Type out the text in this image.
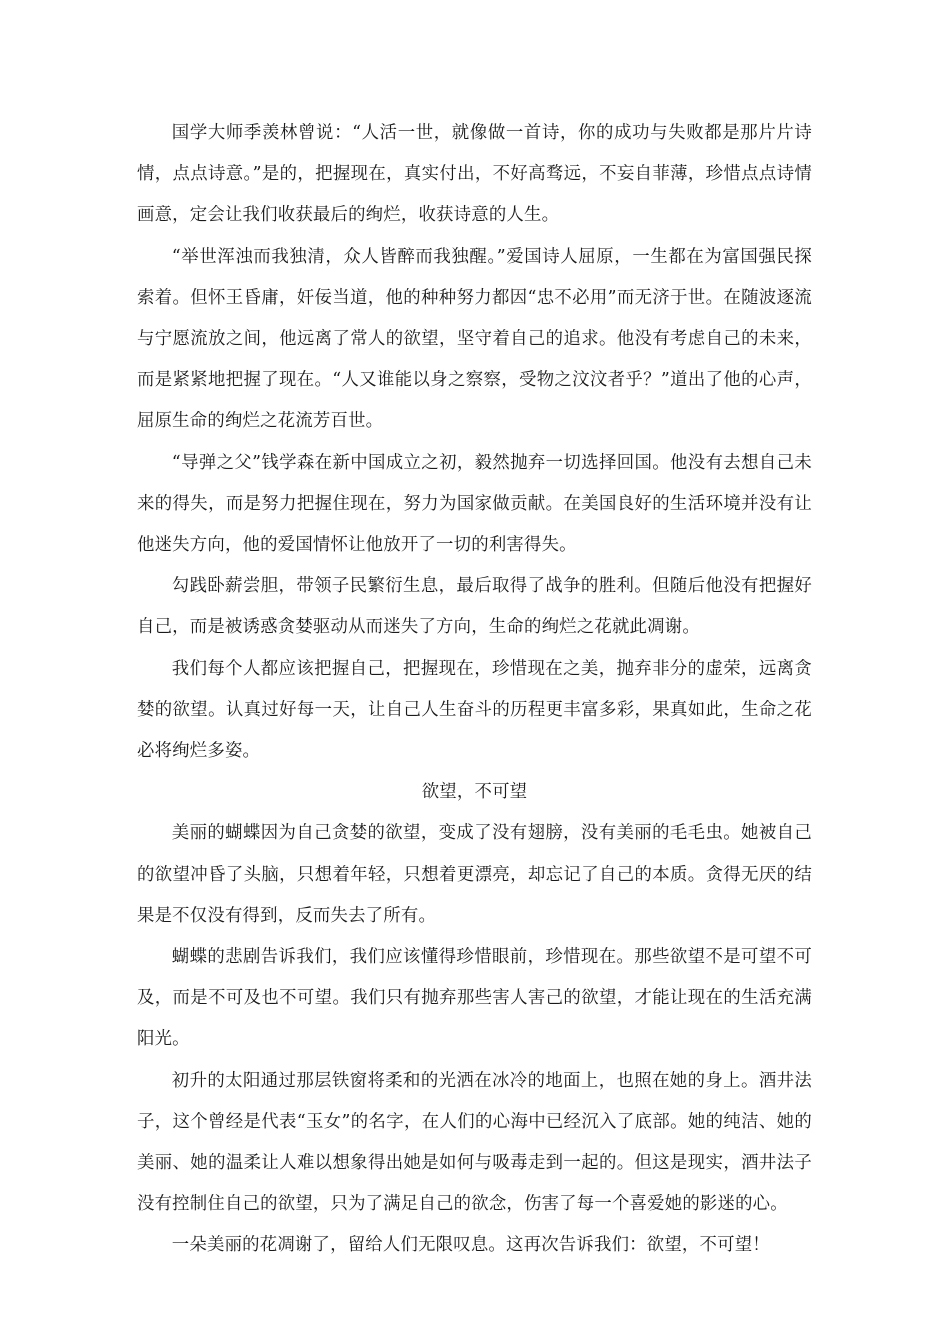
国学大师季羡林曾说：“人活一世，就像做一首诗，你的成功与失败都是那片片诗情，点点诗意。”是的，把握现在，真实付出，不好高骛远，不妄自菲薄，珍惜点点诗情画意，定会让我们收获最后的绚烂，收获诗意的人生。

“举世浑浊而我独清，众人皆醉而我独醒。”爱国诗人屈原，一生都在为富国强民探索着。但怀王昏庸，奸佞当道，他的种种努力都因“忠不必用”而无济于世。在随波逐流与宁愿流放之间，他远离了常人的欲望，坚守着自己的追求。他没有考虑自己的未来，而是紧紧地把握了现在。“人又谁能以身之察察，受物之汶汶者乎？”道出了他的心声，屈原生命的绚烂之花流芳百世。

“导弹之父”钱学森在新中国成立之初，毅然抛弃一切选择回国。他没有去想自己未来的得失，而是努力把握住现在，努力为国家做贡献。在美国良好的生活环境并没有让他迷失方向，他的爱国情怀让他放开了一切的利害得失。

勾践卧薪尝胆，带领子民繁衍生息，最后取得了战争的胜利。但随后他没有把握好自己，而是被诱惑贪婪驱动从而迷失了方向，生命的绚烂之花就此凋谢。

我们每个人都应该把握自己，把握现在，珍惜现在之美，抛弃非分的虚荣，远离贪婪的欲望。认真过好每一天，让自己人生奋斗的历程更丰富多彩，果真如此，生命之花必将绚烂多姿。

欲望，不可望

美丽的蝴蝶因为自己贪婪的欲望，变成了没有翅膀，没有美丽的毛毛虫。她被自己的欲望冲昏了头脑，只想着年轻，只想着更漂亮，却忘记了自己的本质。贪得无厌的结果是不仅没有得到，反而失去了所有。

蝴蝶的悲剧告诉我们，我们应该懂得珍惜眼前，珍惜现在。那些欲望不是可望不可及，而是不可及也不可望。我们只有抛弃那些害人害己的欲望，才能让现在的生活充满阳光。

初升的太阳通过那层铁窗将柔和的光洒在冰冷的地面上，也照在她的身上。酒井法子，这个曾经是代表“玉女”的名字，在人们的心海中已经沉入了底部。她的纯洁、她的美丽、她的温柔让人难以想象得出她是如何与吸毒走到一起的。但这是现实，酒井法子没有控制住自己的欲望，只为了满足自己的欲念，伤害了每一个喜爱她的影迷的心。

一朵美丽的花凋谢了，留给人们无限叹息。这再次告诉我们：欲望，不可望！
